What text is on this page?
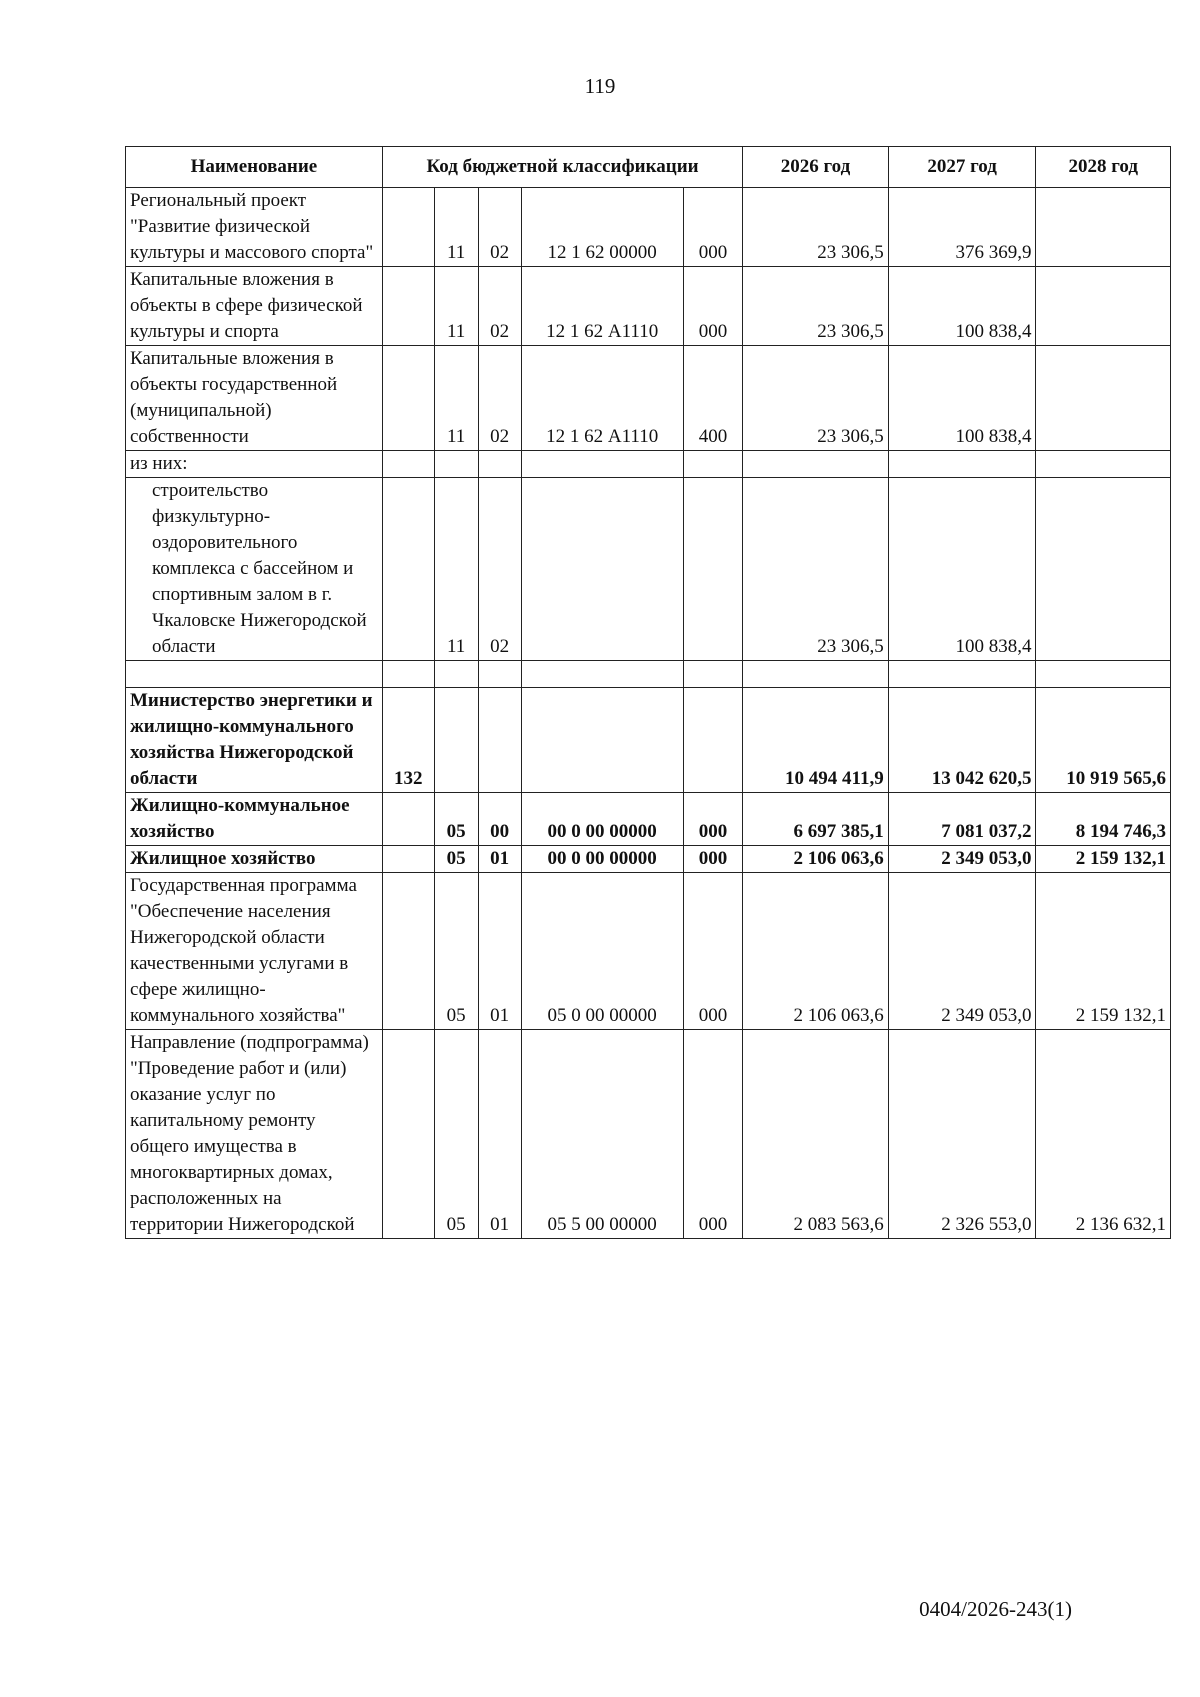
119
Наименование	Код бюджетной классификации					2026 год	2027 год	2028 год
Региональный проект "Развитие физической культуры и массового спорта"		11	02	12 1 62 00000	000	23 306,5	376 369,9	
Капитальные вложения в объекты в сфере физической культуры и спорта		11	02	12 1 62 А1110	000	23 306,5	100 838,4	
Капитальные вложения в объекты государственной (муниципальной) собственности		11	02	12 1 62 А1110	400	23 306,5	100 838,4	
из них:								
строительство физкультурно-оздоровительного комплекса с бассейном и спортивным залом в г. Чкаловске Нижегородской области		11	02			23 306,5	100 838,4	

Министерство энергетики и жилищно-коммунального хозяйства Нижегородской области	132					10 494 411,9	13 042 620,5	10 919 565,6
Жилищно-коммунальное хозяйство		05	00	00 0 00 00000	000	6 697 385,1	7 081 037,2	8 194 746,3
Жилищное хозяйство		05	01	00 0 00 00000	000	2 106 063,6	2 349 053,0	2 159 132,1
Государственная программа "Обеспечение населения Нижегородской области качественными услугами в сфере жилищно-коммунального хозяйства"		05	01	05 0 00 00000	000	2 106 063,6	2 349 053,0	2 159 132,1
Направление (подпрограмма) "Проведение работ и (или) оказание услуг по капитальному ремонту общего имущества в многоквартирных домах, расположенных на территории Нижегородской		05	01	05 5 00 00000	000	2 083 563,6	2 326 553,0	2 136 632,1
0404/2026-243(1)
